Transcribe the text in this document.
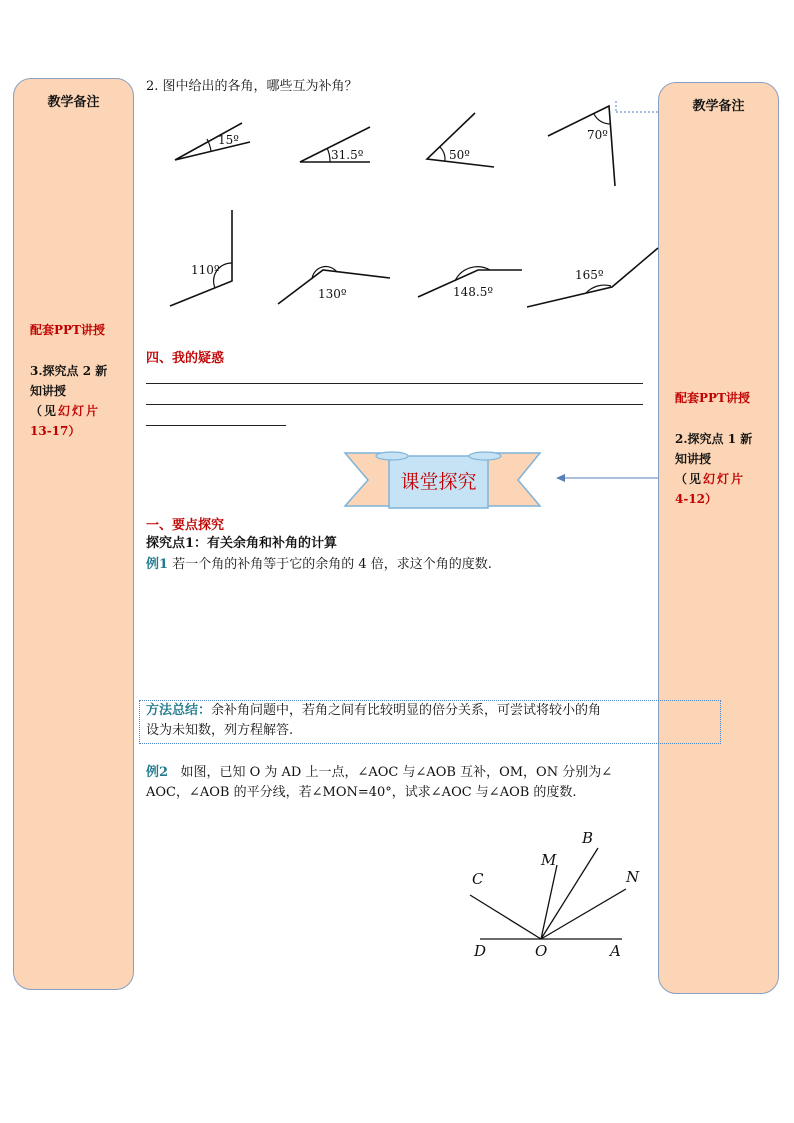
教学备注
配套PPT讲授
3.探究点 2 新
知讲授
（见幻灯片
13-17）
教学备注
配套PPT讲授
2.探究点 1 新
知讲授
（见幻灯片
4-12）
2. 图中给出的各角，哪些互为补角？
15º
31.5º	50º
70º
110º
130º	148.5º
165º
四、我的疑惑
课堂探究
一、要点探究
探究点1：有关余角和补角的计算
例1 若一个角的补角等于它的余角的 4 倍，求这个角的度数.
方法总结：余补角问题中，若角之间有比较明显的倍分关系，可尝试将较小的角
设为未知数，列方程解答.
例2 如图，已知 O 为 AD 上一点，∠AOC 与∠AOB 互补，OM，ON 分别为∠
AOC，∠AOB 的平分线，若∠MON=40°，试求∠AOC 与∠AOB 的度数.
B
M
C	N
D	O	A
